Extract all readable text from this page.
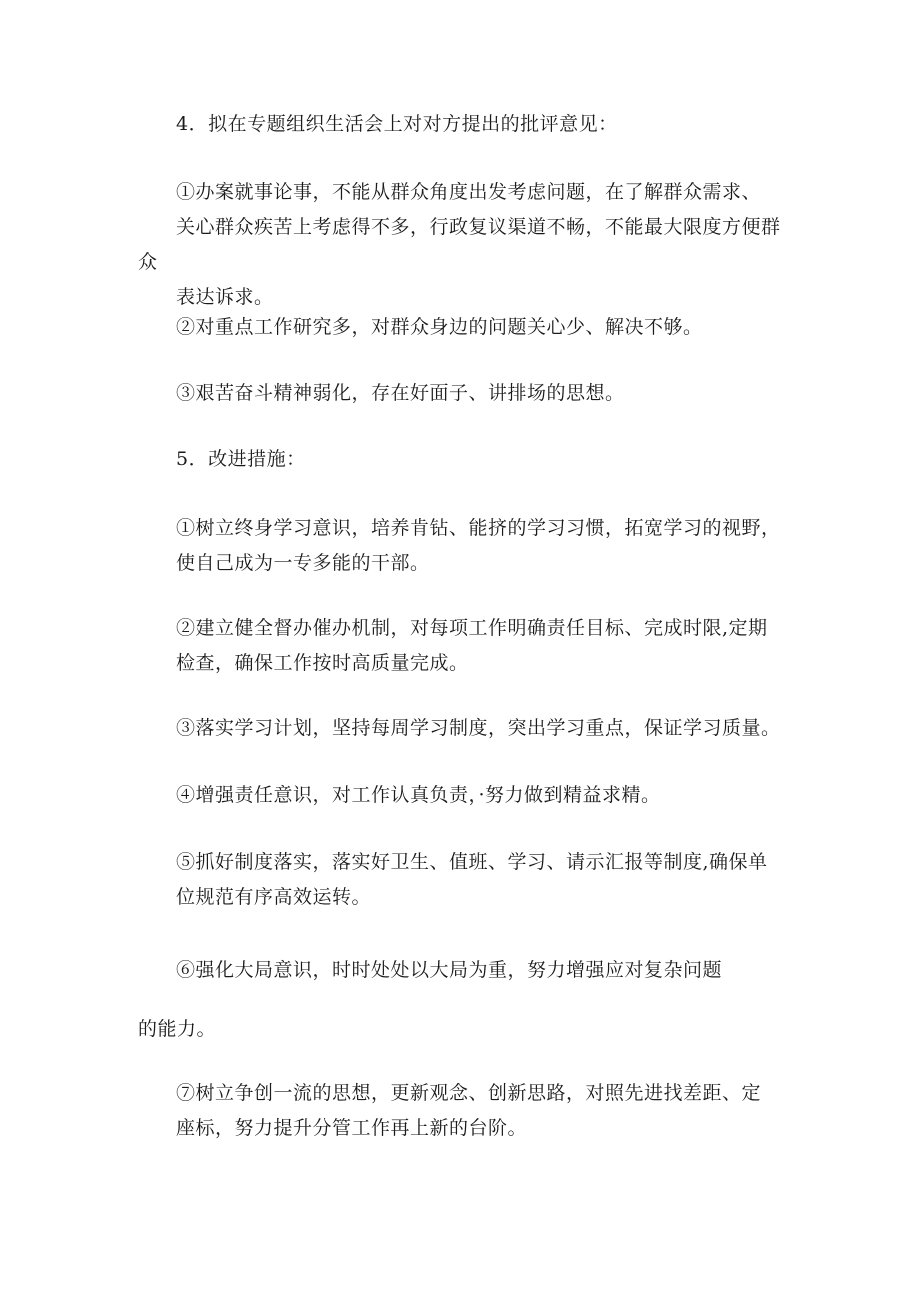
4．拟在专题组织生活会上对对方提出的批评意见：

①办案就事论事，不能从群众角度出发考虑问题，在了解群众需求、
关心群众疾苦上考虑得不多，行政复议渠道不畅，不能最大限度方便群众
表达诉求。

②对重点工作研究多，对群众身边的问题关心少、解决不够。

③艰苦奋斗精神弱化，存在好面子、讲排场的思想。

5．改进措施：

①树立终身学习意识，培养肯钻、能挤的学习习惯，拓宽学习的视野，
使自己成为一专多能的干部。

②建立健全督办催办机制，对每项工作明确责任目标、完成时限,定期
检查，确保工作按时高质量完成。

③落实学习计划，坚持每周学习制度，突出学习重点，保证学习质量。

④增强责任意识，对工作认真负责，·努力做到精益求精。

⑤抓好制度落实，落实好卫生、值班、学习、请示汇报等制度,确保单
位规范有序高效运转。

⑥强化大局意识，时时处处以大局为重，努力增强应对复杂问题

的能力。

⑦树立争创一流的思想，更新观念、创新思路，对照先进找差距、定
座标，努力提升分管工作再上新的台阶。
